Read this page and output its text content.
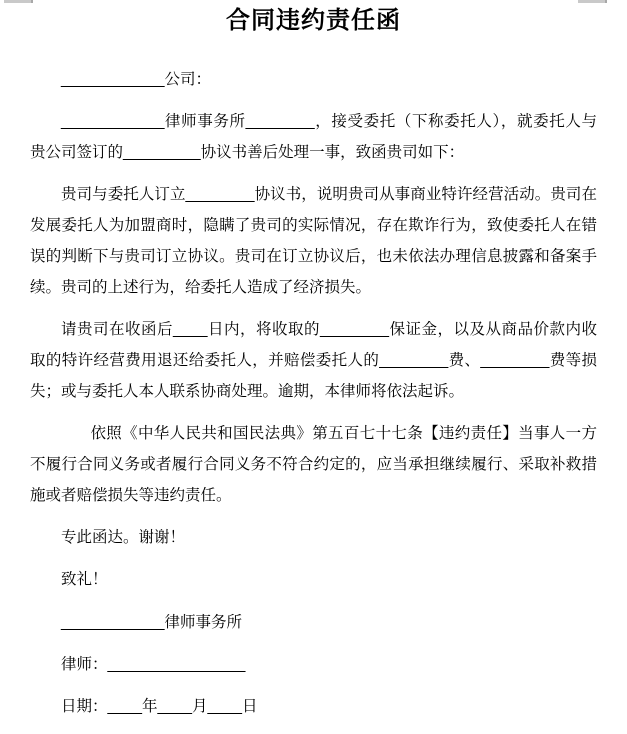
合同违约责任函

____________公司：

____________律师事务所________，接受委托（下称委托人），就委托人与贵公司签订的_________协议书善后处理一事，致函贵司如下：

贵司与委托人订立________协议书，说明贵司从事商业特许经营活动。贵司在发展委托人为加盟商时，隐瞒了贵司的实际情况，存在欺诈行为，致使委托人在错误的判断下与贵司订立协议。贵司在订立协议后，也未依法办理信息披露和备案手续。贵司的上述行为，给委托人造成了经济损失。

请贵司在收函后____日内，将收取的________保证金，以及从商品价款内收取的特许经营费用退还给委托人，并赔偿委托人的________费、________费等损失；或与委托人本人联系协商处理。逾期，本律师将依法起诉。

依照《中华人民共和国民法典》第五百七十七条【违约责任】当事人一方不履行合同义务或者履行合同义务不符合约定的，应当承担继续履行、采取补救措施或者赔偿损失等违约责任。

专此函达。谢谢！

致礼！

____________律师事务所

律师：________________

日期：____年____月____日
